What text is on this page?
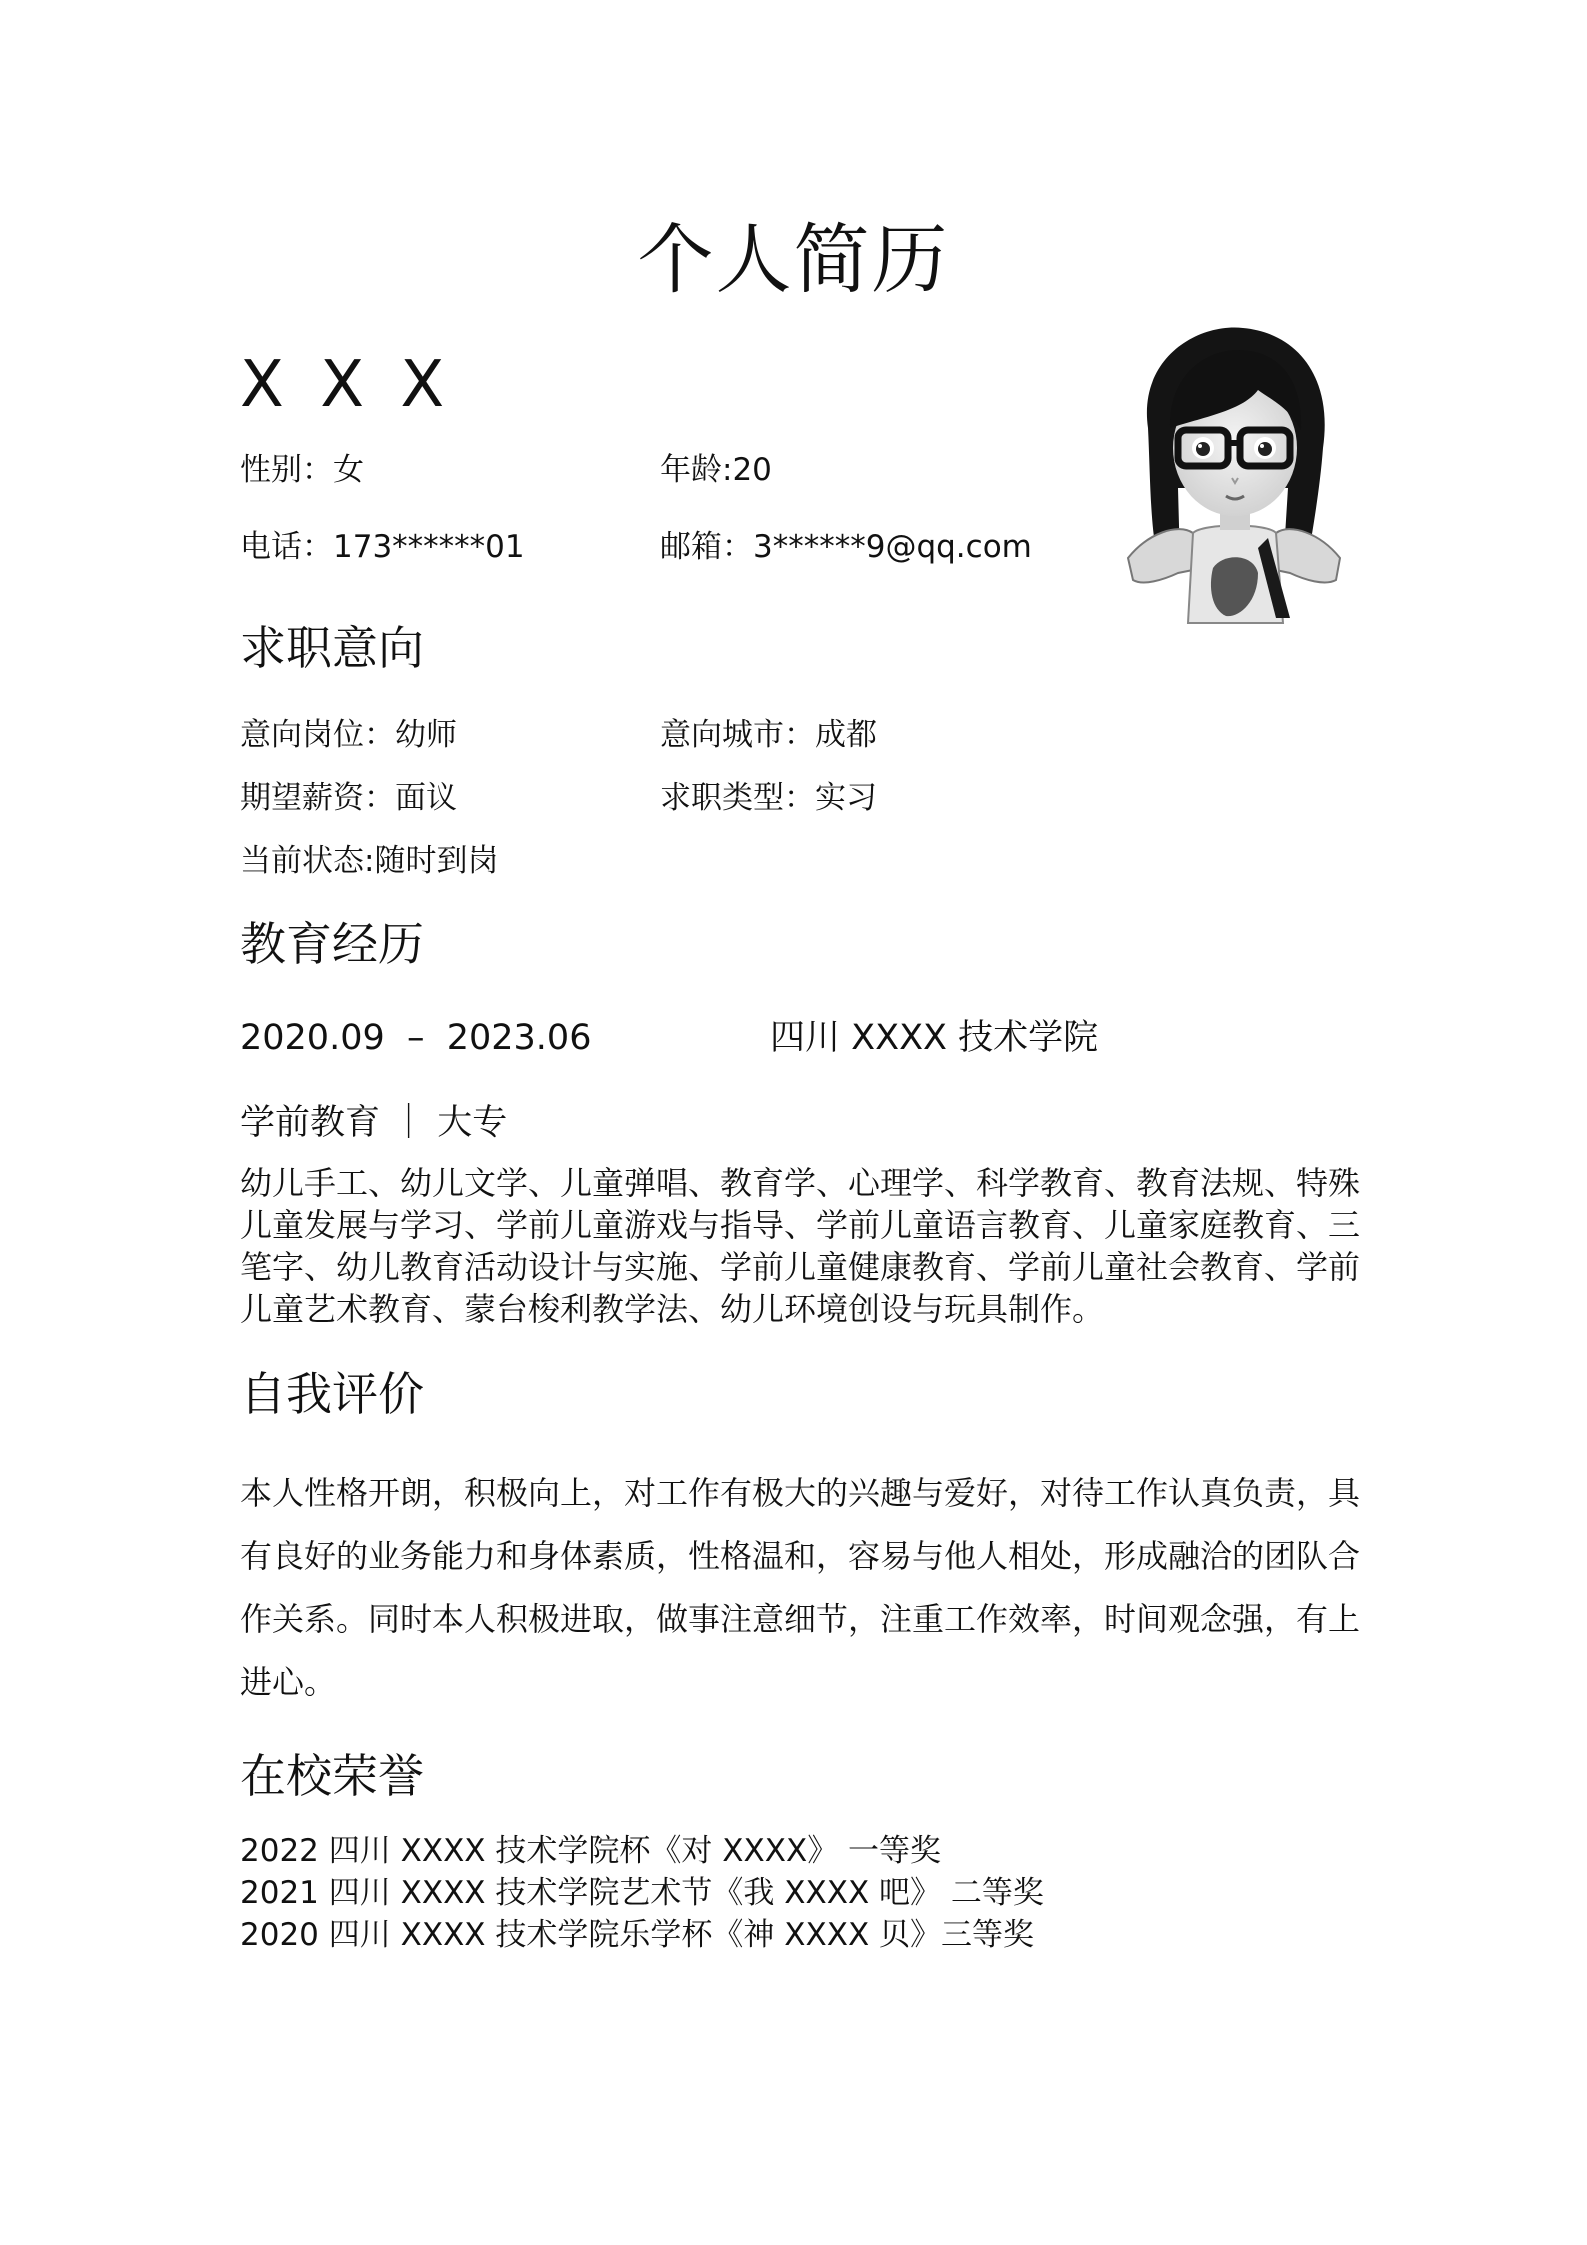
个人简历
X X X
性别：女	年龄:20
电话：173******01	邮箱：3******9@qq.com
求职意向
意向岗位：幼师	意向城市：成都
期望薪资：面议	求职类型：实习
当前状态:随时到岗
教育经历
2020.09  –  2023.06	四川 XXXX 技术学院
学前教育 ｜ 大专
幼儿手工、幼儿文学、儿童弹唱、教育学、心理学、科学教育、教育法规、特殊儿童发展与学习、学前儿童游戏与指导、学前儿童语言教育、儿童家庭教育、三笔字、幼儿教育活动设计与实施、学前儿童健康教育、学前儿童社会教育、学前儿童艺术教育、蒙台梭利教学法、幼儿环境创设与玩具制作。
自我评价
本人性格开朗，积极向上，对工作有极大的兴趣与爱好，对待工作认真负责，具有良好的业务能力和身体素质，性格温和，容易与他人相处，形成融洽的团队合作关系。同时本人积极进取，做事注意细节，注重工作效率，时间观念强，有上进心。
在校荣誉
2022 四川 XXXX 技术学院杯《对 XXXX》 一等奖
2021 四川 XXXX 技术学院艺术节《我 XXXX 吧》 二等奖
2020 四川 XXXX 技术学院乐学杯《神 XXXX 贝》三等奖
